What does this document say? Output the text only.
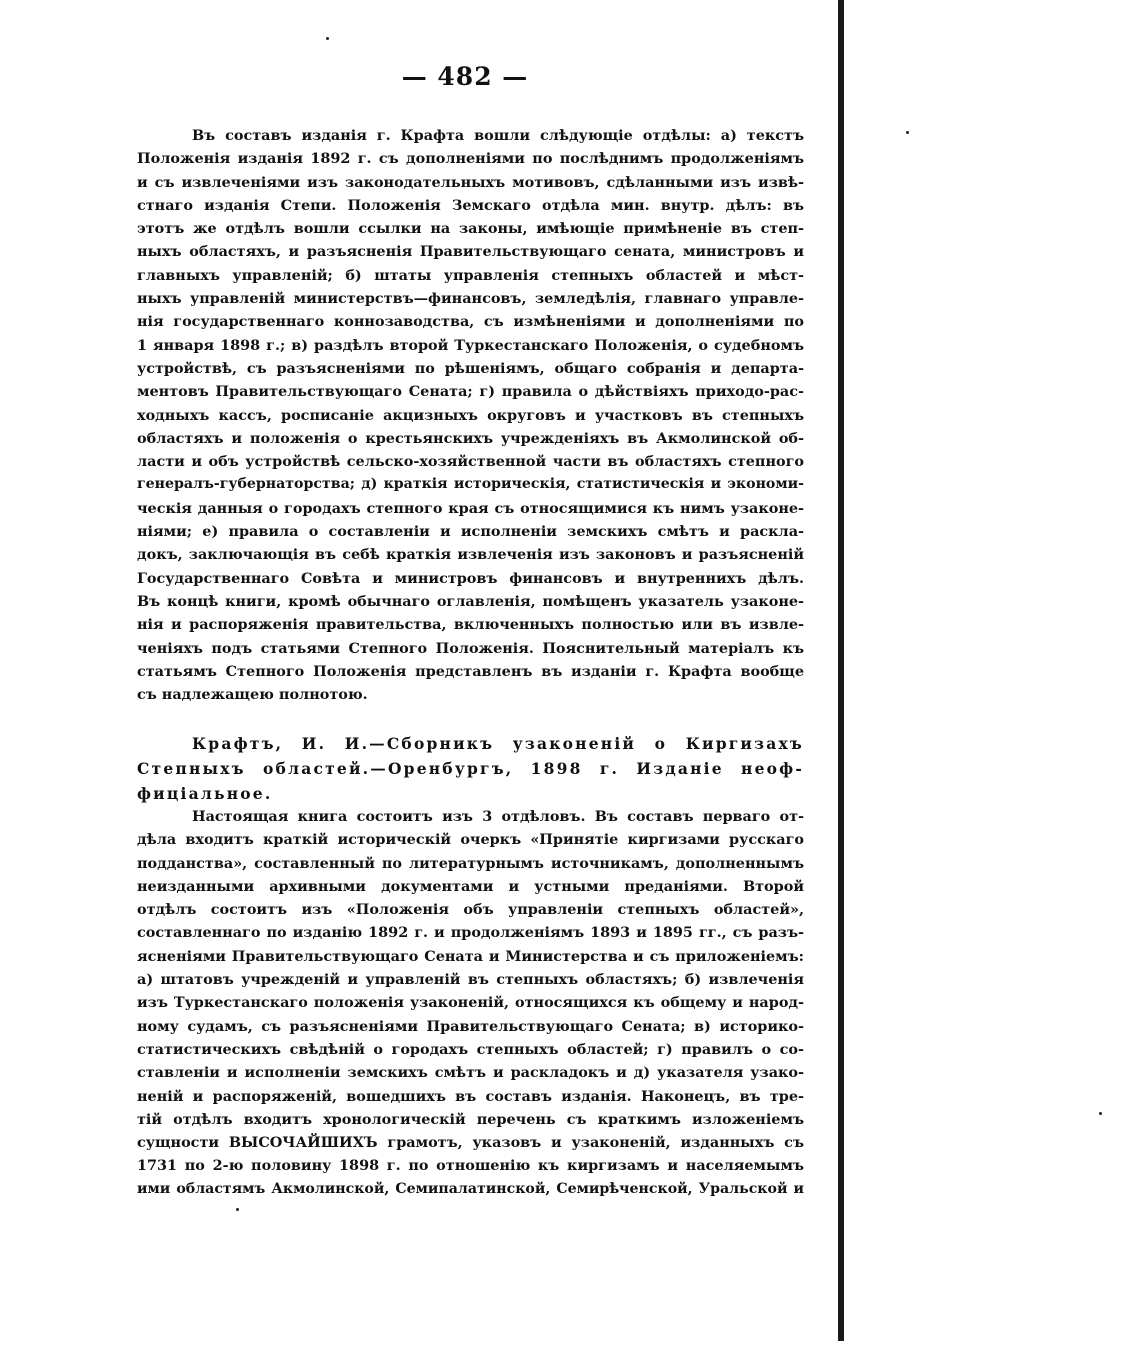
— 482 —
Въ составъ изданія г. Крафта вошли слѣдующіе отдѣлы: а) текстъ
Положенія изданія 1892 г. съ дополненіями по послѣднимъ продолженіямъ
и съ извлеченіями изъ законодательныхъ мотивовъ, сдѣланными изъ извѣ-
стнаго изданія Степи. Положенія Земскаго отдѣла мин. внутр. дѣлъ: въ
этотъ же отдѣлъ вошли ссылки на законы, имѣющіе примѣненіе въ степ-
ныхъ областяхъ, и разъясненія Правительствующаго сената, министровъ и
главныхъ управленій; б) штаты управленія степныхъ областей и мѣст-
ныхъ управленій министерствъ—финансовъ, земледѣлія, главнаго управле-
нія государственнаго коннозаводства, съ измѣненіями и дополненіями по
1 января 1898 г.; в) раздѣлъ второй Туркестанскаго Положенія, о судебномъ
устройствѣ, съ разъясненіями по рѣшеніямъ, общаго собранія и департа-
ментовъ Правительствующаго Сената; г) правила о дѣйствіяхъ приходо-рас-
ходныхъ кассъ, росписаніе акцизныхъ округовъ и участковъ въ степныхъ
областяхъ и положенія о крестьянскихъ учрежденіяхъ въ Акмолинской об-
ласти и объ устройствѣ сельско-хозяйственной части въ областяхъ степного
генералъ-губернаторства; д) краткія историческія, статистическія и экономи-
ческія данныя о городахъ степного края съ относящимися къ нимъ узаконе-
ніями; е) правила о составленіи и исполненіи земскихъ смѣтъ и раскла-
докъ, заключающія въ себѣ краткія извлеченія изъ законовъ и разъясненій
Государственнаго Совѣта и министровъ финансовъ и внутреннихъ дѣлъ.
Въ концѣ книги, кромѣ обычнаго оглавленія, помѣщенъ указатель узаконе-
нія и распоряженія правительства, включенныхъ полностью или въ извле-
ченіяхъ подъ статьями Степного Положенія. Пояснительный матеріалъ къ
статьямъ Степного Положенія представленъ въ изданіи г. Крафта вообще
съ надлежащею полнотою.
Крафтъ, И. И.—Сборникъ узаконеній о Киргизахъ
Степныхъ областей.—Оренбургъ, 1898 г. Изданіе неоф-
фиціальное.
Настоящая книга состоитъ изъ 3 отдѣловъ. Въ составъ перваго от-
дѣла входитъ краткій историческій очеркъ «Принятіе киргизами русскаго
подданства», составленный по литературнымъ источникамъ, дополненнымъ
неизданными архивными документами и устными преданіями. Второй
отдѣлъ состоитъ изъ «Положенія объ управленіи степныхъ областей»,
составленнаго по изданію 1892 г. и продолженіямъ 1893 и 1895 гг., съ разъ-
ясненіями Правительствующаго Сената и Министерства и съ приложеніемъ:
а) штатовъ учрежденій и управленій въ степныхъ областяхъ; б) извлеченія
изъ Туркестанскаго положенія узаконеній, относящихся къ общему и народ-
ному судамъ, съ разъясненіями Правительствующаго Сената; в) историко-
статистическихъ свѣдѣній о городахъ степныхъ областей; г) правилъ о со-
ставленіи и исполненіи земскихъ смѣтъ и раскладокъ и д) указателя узако-
неній и распоряженій, вошедшихъ въ составъ изданія. Наконецъ, въ тре-
тій отдѣлъ входитъ хронологическій перечень съ краткимъ изложеніемъ
сущности ВЫСОЧАЙШИХЪ грамотъ, указовъ и узаконеній, изданныхъ съ
1731 по 2-ю половину 1898 г. по отношенію къ киргизамъ и населяемымъ
ими областямъ Акмолинской, Семипалатинской, Семирѣченской, Уральской и
